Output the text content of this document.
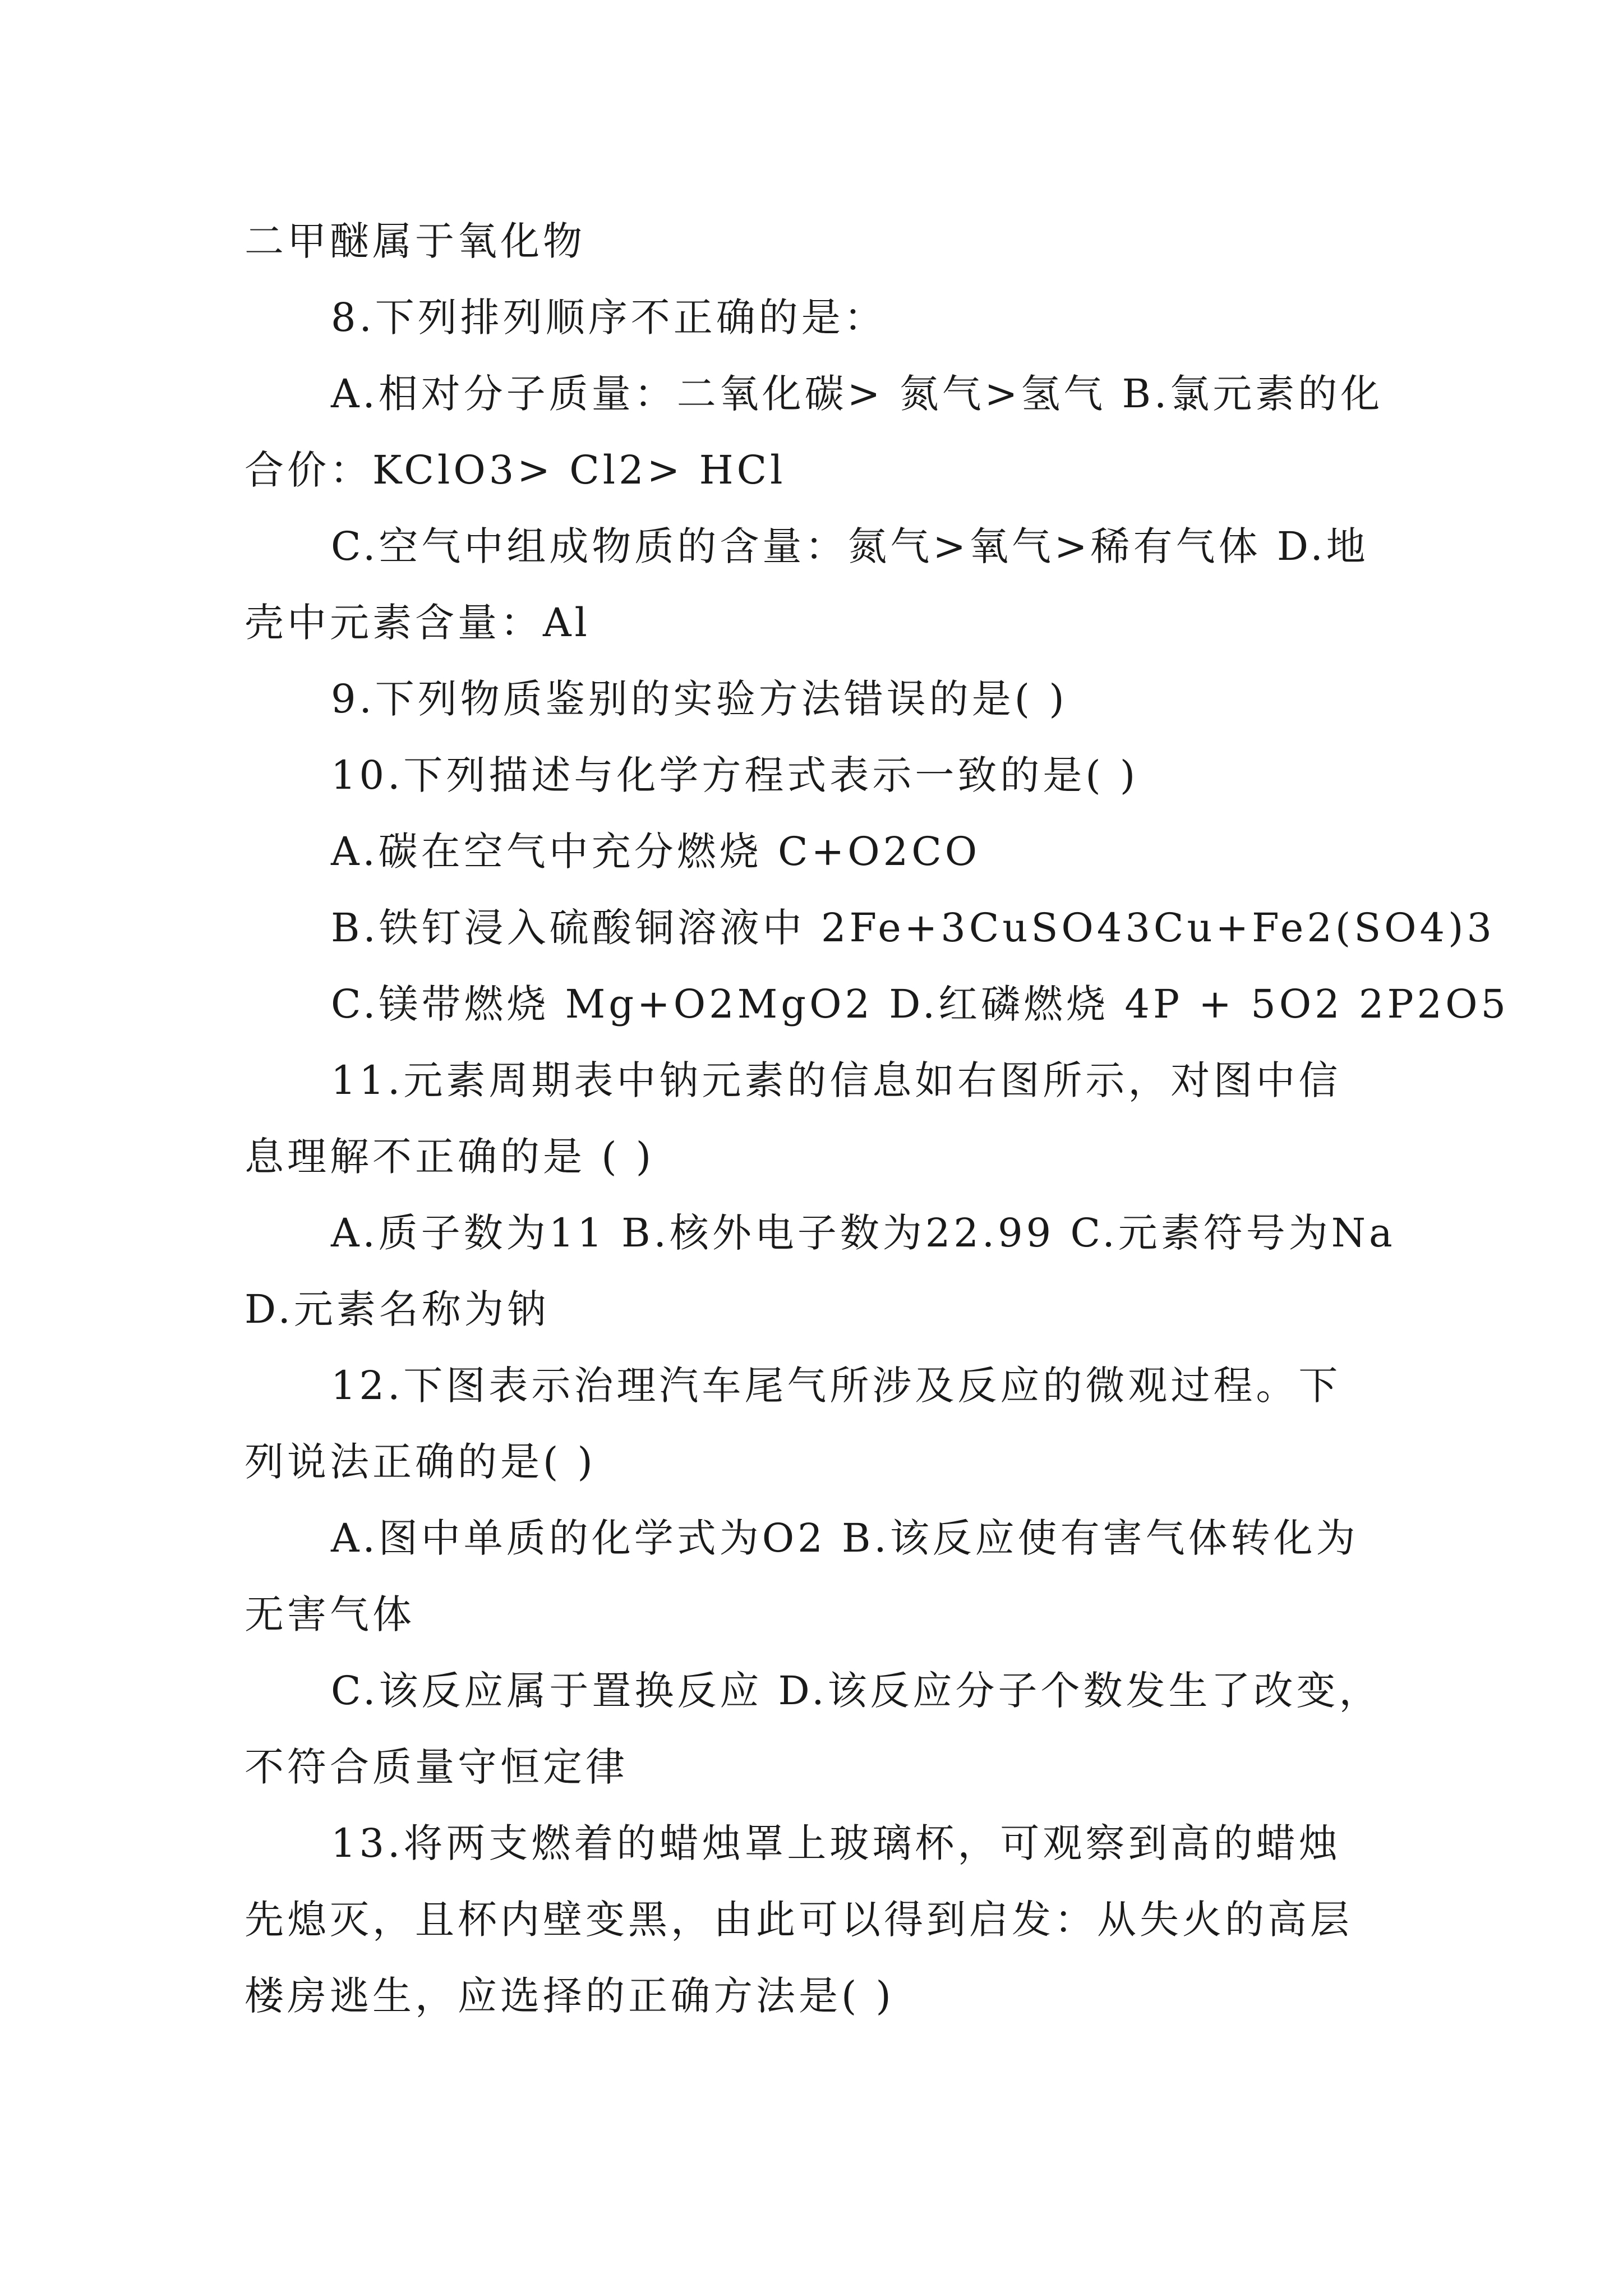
二甲醚属于氧化物
8.下列排列顺序不正确的是：
A.相对分子质量：二氧化碳> 氮气>氢气 B.氯元素的化
合价：KClO3> Cl2> HCl
C.空气中组成物质的含量：氮气>氧气>稀有气体 D.地
壳中元素含量：Al
9.下列物质鉴别的实验方法错误的是( )
10.下列描述与化学方程式表示一致的是( )
A.碳在空气中充分燃烧 C+O2CO
B.铁钉浸入硫酸铜溶液中 2Fe+3CuSO43Cu+Fe2(SO4)3
C.镁带燃烧 Mg+O2MgO2 D.红磷燃烧 4P + 5O2 2P2O5
11.元素周期表中钠元素的信息如右图所示，对图中信
息理解不正确的是 ( )
A.质子数为11 B.核外电子数为22.99 C.元素符号为Na
D.元素名称为钠
12.下图表示治理汽车尾气所涉及反应的微观过程。下
列说法正确的是( )
A.图中单质的化学式为O2 B.该反应使有害气体转化为
无害气体
C.该反应属于置换反应 D.该反应分子个数发生了改变，
不符合质量守恒定律
13.将两支燃着的蜡烛罩上玻璃杯，可观察到高的蜡烛
先熄灭，且杯内壁变黑，由此可以得到启发：从失火的高层
楼房逃生，应选择的正确方法是( )
